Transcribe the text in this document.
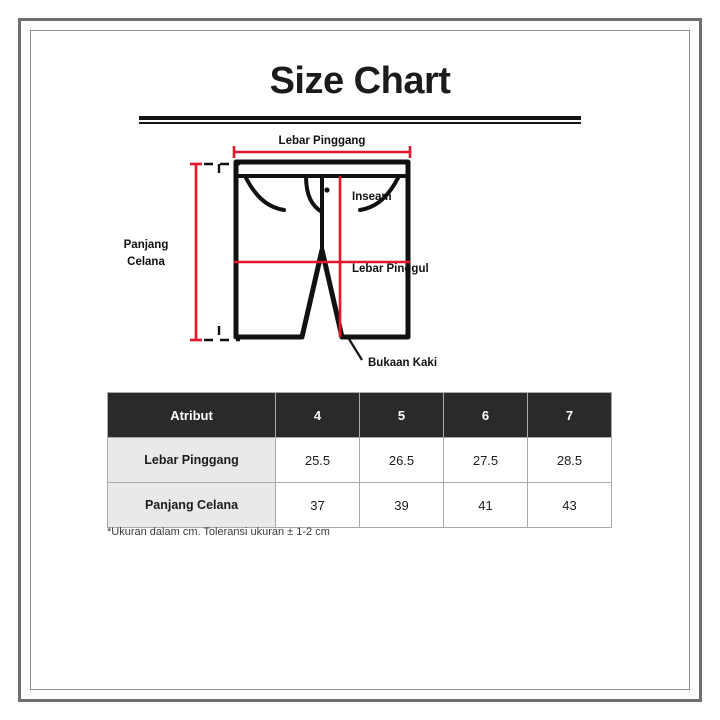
Size Chart
Lebar Pinggang
Inseam
Lebar Pinggul
Panjang
Celana
Bukaan Kaki
Atribut	4	5	6	7
Lebar Pinggang	25.5	26.5	27.5	28.5
Panjang Celana	37	39	41	43
*Ukuran dalam cm. Toleransi ukuran ± 1-2 cm
